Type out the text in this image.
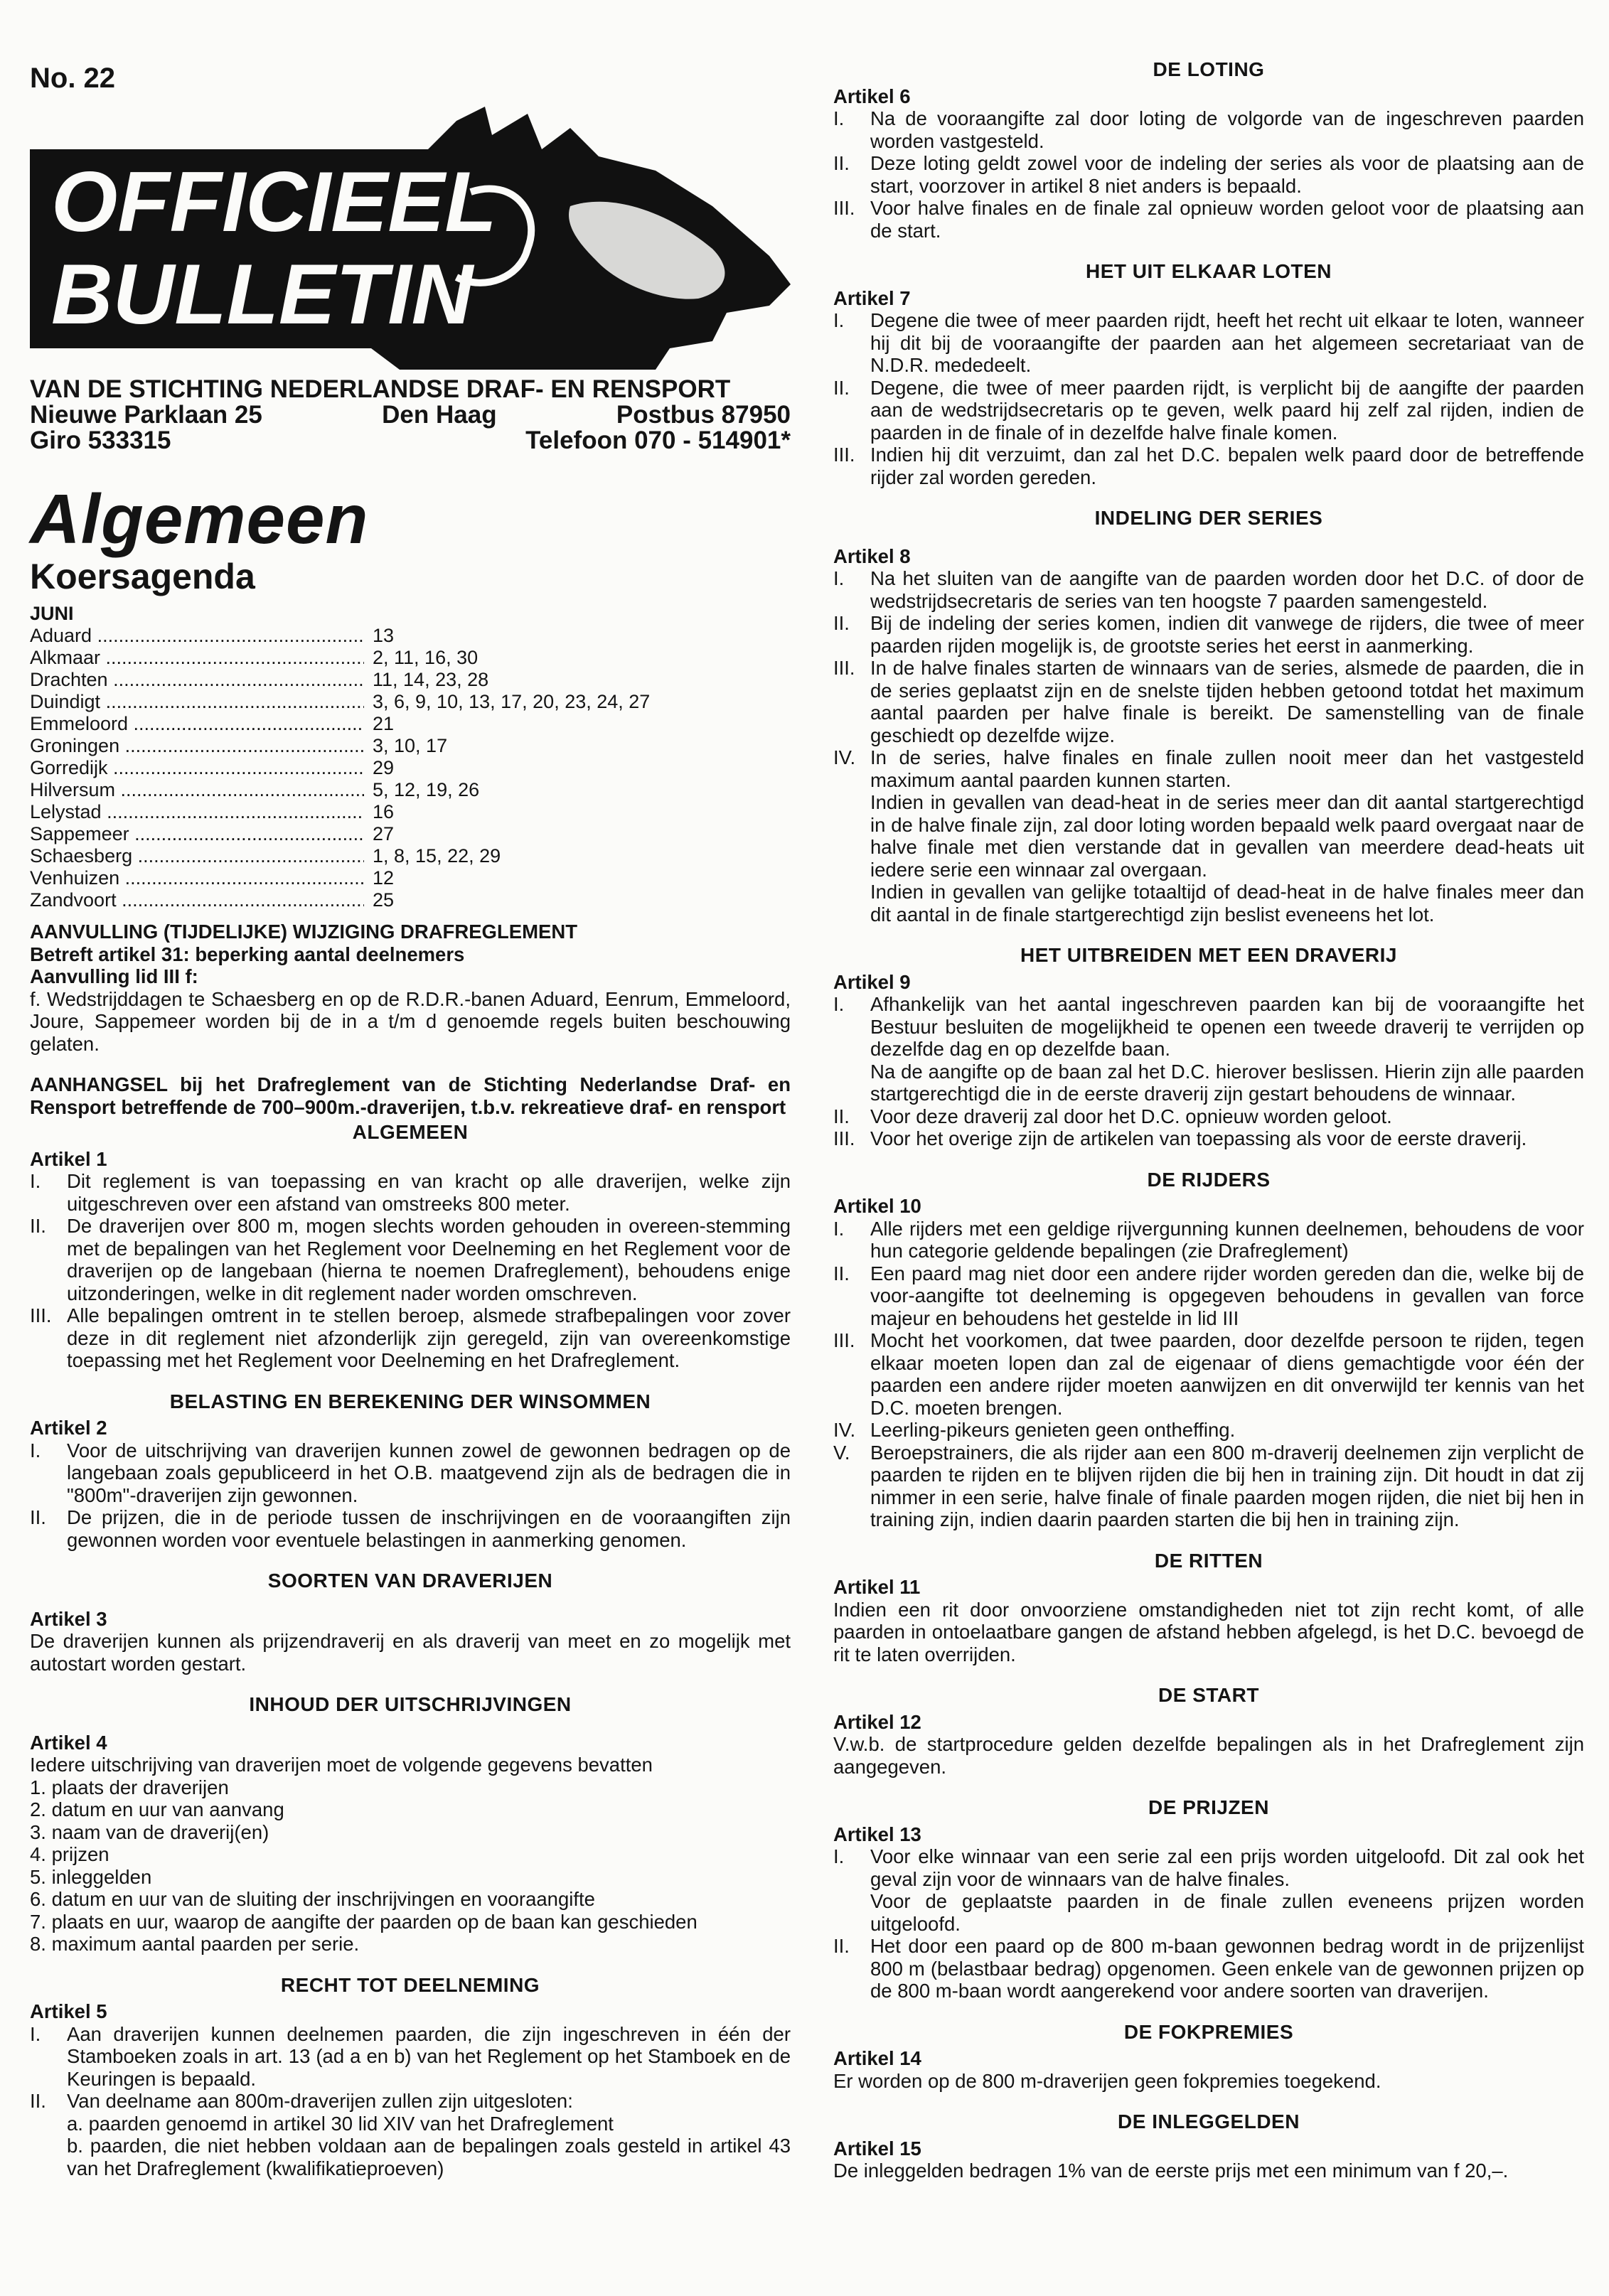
No. 22
OFFICIEEL
BULLETIN
VAN DE STICHTING NEDERLANDSE DRAF- EN RENSPORT
Nieuwe Parklaan 25	Den Haag	Postbus 87950
Giro 533315	Telefoon 070 - 514901*
Algemeen
Koersagenda
JUNI
Aduard .....	13
Alkmaar .....	2, 11, 16, 30
Drachten .....	11, 14, 23, 28
Duindigt .....	3, 6, 9, 10, 13, 17, 20, 23, 24, 27
Emmeloord .....	21
Groningen .....	3, 10, 17
Gorredijk .....	29
Hilversum .....	5, 12, 19, 26
Lelystad .....	16
Sappemeer .....	27
Schaesberg .....	1, 8, 15, 22, 29
Venhuizen .....	12
Zandvoort .....	25

AANVULLING (TIJDELIJKE) WIJZIGING DRAFREGLEMENT

Betreft artikel 31: beperking aantal deelnemers

Aanvulling lid III f:

f. Wedstrijddagen te Schaesberg en op de R.D.R.-banen Aduard, Eenrum, Emmeloord, Joure, Sappemeer worden bij de in a t/m d genoemde regels buiten beschouwing gelaten.

AANHANGSEL bij het Drafreglement van de Stichting Nederlandse Draf- en Rensport betreffende de 700–900m.-draverijen, t.b.v. rekreatieve draf- en rensport

ALGEMEEN

Artikel 1

I.	Dit reglement is van toepassing en van kracht op alle draverijen, welke zijn uitgeschreven over een afstand van omstreeks 800 meter.
II.	De draverijen over 800 m, mogen slechts worden gehouden in overeen-stemming met de bepalingen van het Reglement voor Deelneming en het Reglement voor de draverijen op de langebaan (hierna te noemen Drafreglement), behoudens enige uitzonderingen, welke in dit reglement nader worden omschreven.
III. Alle bepalingen omtrent in te stellen beroep, alsmede strafbepalingen voor zover deze in dit reglement niet afzonderlijk zijn geregeld, zijn van overeenkomstige toepassing met het Reglement voor Deelneming en het Drafreglement.
BELASTING EN BEREKENING DER WINSOMMEN

Artikel 2

I.	Voor de uitschrijving van draverijen kunnen zowel de gewonnen bedragen op de langebaan zoals gepubliceerd in het O.B. maatgevend zijn als de bedragen die in "800m"-draverijen zijn gewonnen.
II.	De prijzen, die in de periode tussen de inschrijvingen en de vooraangiften zijn gewonnen worden voor eventuele belastingen in aanmerking genomen.
SOORTEN VAN DRAVERIJEN

Artikel 3

De draverijen kunnen als prijzendraverij en als draverij van meet en zo mogelijk met autostart worden gestart.

INHOUD DER UITSCHRIJVINGEN

Artikel 4

Iedere uitschrijving van draverijen moet de volgende gegevens bevatten

1. plaats der draverijen

2. datum en uur van aanvang

3. naam van de draverij(en)

4. prijzen

5. inleggelden

6. datum en uur van de sluiting der inschrijvingen en vooraangifte

7. plaats en uur, waarop de aangifte der paarden op de baan kan geschieden

8. maximum aantal paarden per serie.

RECHT TOT DEELNEMING

Artikel 5

I.	Aan draverijen kunnen deelnemen paarden, die zijn ingeschreven in één der Stamboeken zoals in art. 13 (ad a en b) van het Reglement op het Stamboek en de Keuringen is bepaald.
II.	Van deelname aan 800m-draverijen zullen zijn uitgesloten:

a. paarden genoemd in artikel 30 lid XIV van het Drafreglement

b. paarden, die niet hebben voldaan aan de bepalingen zoals gesteld in artikel 43 van het Drafreglement (kwalifikatieproeven)

DE LOTING

Artikel 6

I.	Na de vooraangifte zal door loting de volgorde van de ingeschreven paarden worden vastgesteld.
II.	Deze loting geldt zowel voor de indeling der series als voor de plaatsing aan de start, voorzover in artikel 8 niet anders is bepaald.
III. Voor halve finales en de finale zal opnieuw worden geloot voor de plaatsing aan de start.
HET UIT ELKAAR LOTEN

Artikel 7

I.	Degene die twee of meer paarden rijdt, heeft het recht uit elkaar te loten, wanneer hij dit bij de vooraangifte der paarden aan het algemeen secretariaat van de N.D.R. mededeelt.
II.	Degene, die twee of meer paarden rijdt, is verplicht bij de aangifte der paarden aan de wedstrijdsecretaris op te geven, welk paard hij zelf zal rijden, indien de paarden in de finale of in dezelfde halve finale komen.
III. Indien hij dit verzuimt, dan zal het D.C. bepalen welk paard door de betreffende rijder zal worden gereden.
INDELING DER SERIES

Artikel 8

I.	Na het sluiten van de aangifte van de paarden worden door het D.C. of door de wedstrijdsecretaris de series van ten hoogste 7 paarden samengesteld.
II.	Bij de indeling der series komen, indien dit vanwege de rijders, die twee of meer paarden rijden mogelijk is, de grootste series het eerst in aanmerking.
III. In de halve finales starten de winnaars van de series, alsmede de paarden, die in de series geplaatst zijn en de snelste tijden hebben getoond totdat het maximum aantal paarden per halve finale is bereikt. De samenstelling van de finale geschiedt op dezelfde wijze.
IV. In de series, halve finales en finale zullen nooit meer dan het vastgesteld maximum aantal paarden kunnen starten.

Indien in gevallen van dead-heat in de series meer dan dit aantal startgerechtigd in de halve finale zijn, zal door loting worden bepaald welk paard overgaat naar de halve finale met dien verstande dat in gevallen van meerdere dead-heats uit iedere serie een winnaar zal overgaan.

Indien in gevallen van gelijke totaaltijd of dead-heat in de halve finales meer dan dit aantal in de finale startgerechtigd zijn beslist eveneens het lot.

HET UITBREIDEN MET EEN DRAVERIJ

Artikel 9

I.	Afhankelijk van het aantal ingeschreven paarden kan bij de vooraangifte het Bestuur besluiten de mogelijkheid te openen een tweede draverij te verrijden op dezelfde dag en op dezelfde baan.

Na de aangifte op de baan zal het D.C. hierover beslissen. Hierin zijn alle paarden startgerechtigd die in de eerste draverij zijn gestart behoudens de winnaar.

II.	Voor deze draverij zal door het D.C. opnieuw worden geloot.
III. Voor het overige zijn de artikelen van toepassing als voor de eerste draverij.
DE RIJDERS

Artikel 10

I.	Alle rijders met een geldige rijvergunning kunnen deelnemen, behoudens de voor hun categorie geldende bepalingen (zie Drafreglement)
II.	Een paard mag niet door een andere rijder worden gereden dan die, welke bij de voor-aangifte tot deelneming is opgegeven behoudens in gevallen van force majeur en behoudens het gestelde in lid III
III. Mocht het voorkomen, dat twee paarden, door dezelfde persoon te rijden, tegen elkaar moeten lopen dan zal de eigenaar of diens gemachtigde voor één der paarden een andere rijder moeten aanwijzen en dit onverwijld ter kennis van het D.C. moeten brengen.
IV. Leerling-pikeurs genieten geen ontheffing.
V.	Beroepstrainers, die als rijder aan een 800 m-draverij deelnemen zijn verplicht de paarden te rijden en te blijven rijden die bij hen in training zijn. Dit houdt in dat zij nimmer in een serie, halve finale of finale paarden mogen rijden, die niet bij hen in training zijn, indien daarin paarden starten die bij hen in training zijn.
DE RITTEN

Artikel 11

Indien een rit door onvoorziene omstandigheden niet tot zijn recht komt, of alle paarden in ontoelaatbare gangen de afstand hebben afgelegd, is het D.C. bevoegd de rit te laten overrijden.

DE START

Artikel 12

V.w.b. de startprocedure gelden dezelfde bepalingen als in het Drafreglement zijn aangegeven.

DE PRIJZEN

Artikel 13

I.	Voor elke winnaar van een serie zal een prijs worden uitgeloofd. Dit zal ook het geval zijn voor de winnaars van de halve finales.

Voor de geplaatste paarden in de finale zullen eveneens prijzen worden uitgeloofd.

II.	Het door een paard op de 800 m-baan gewonnen bedrag wordt in de prijzenlijst 800 m (belastbaar bedrag) opgenomen. Geen enkele van de gewonnen prijzen op de 800 m-baan wordt aangerekend voor andere soorten van draverijen.
DE FOKPREMIES

Artikel 14

Er worden op de 800 m-draverijen geen fokpremies toegekend.

DE INLEGGELDEN

Artikel 15

De inleggelden bedragen 1% van de eerste prijs met een minimum van f 20,–.
